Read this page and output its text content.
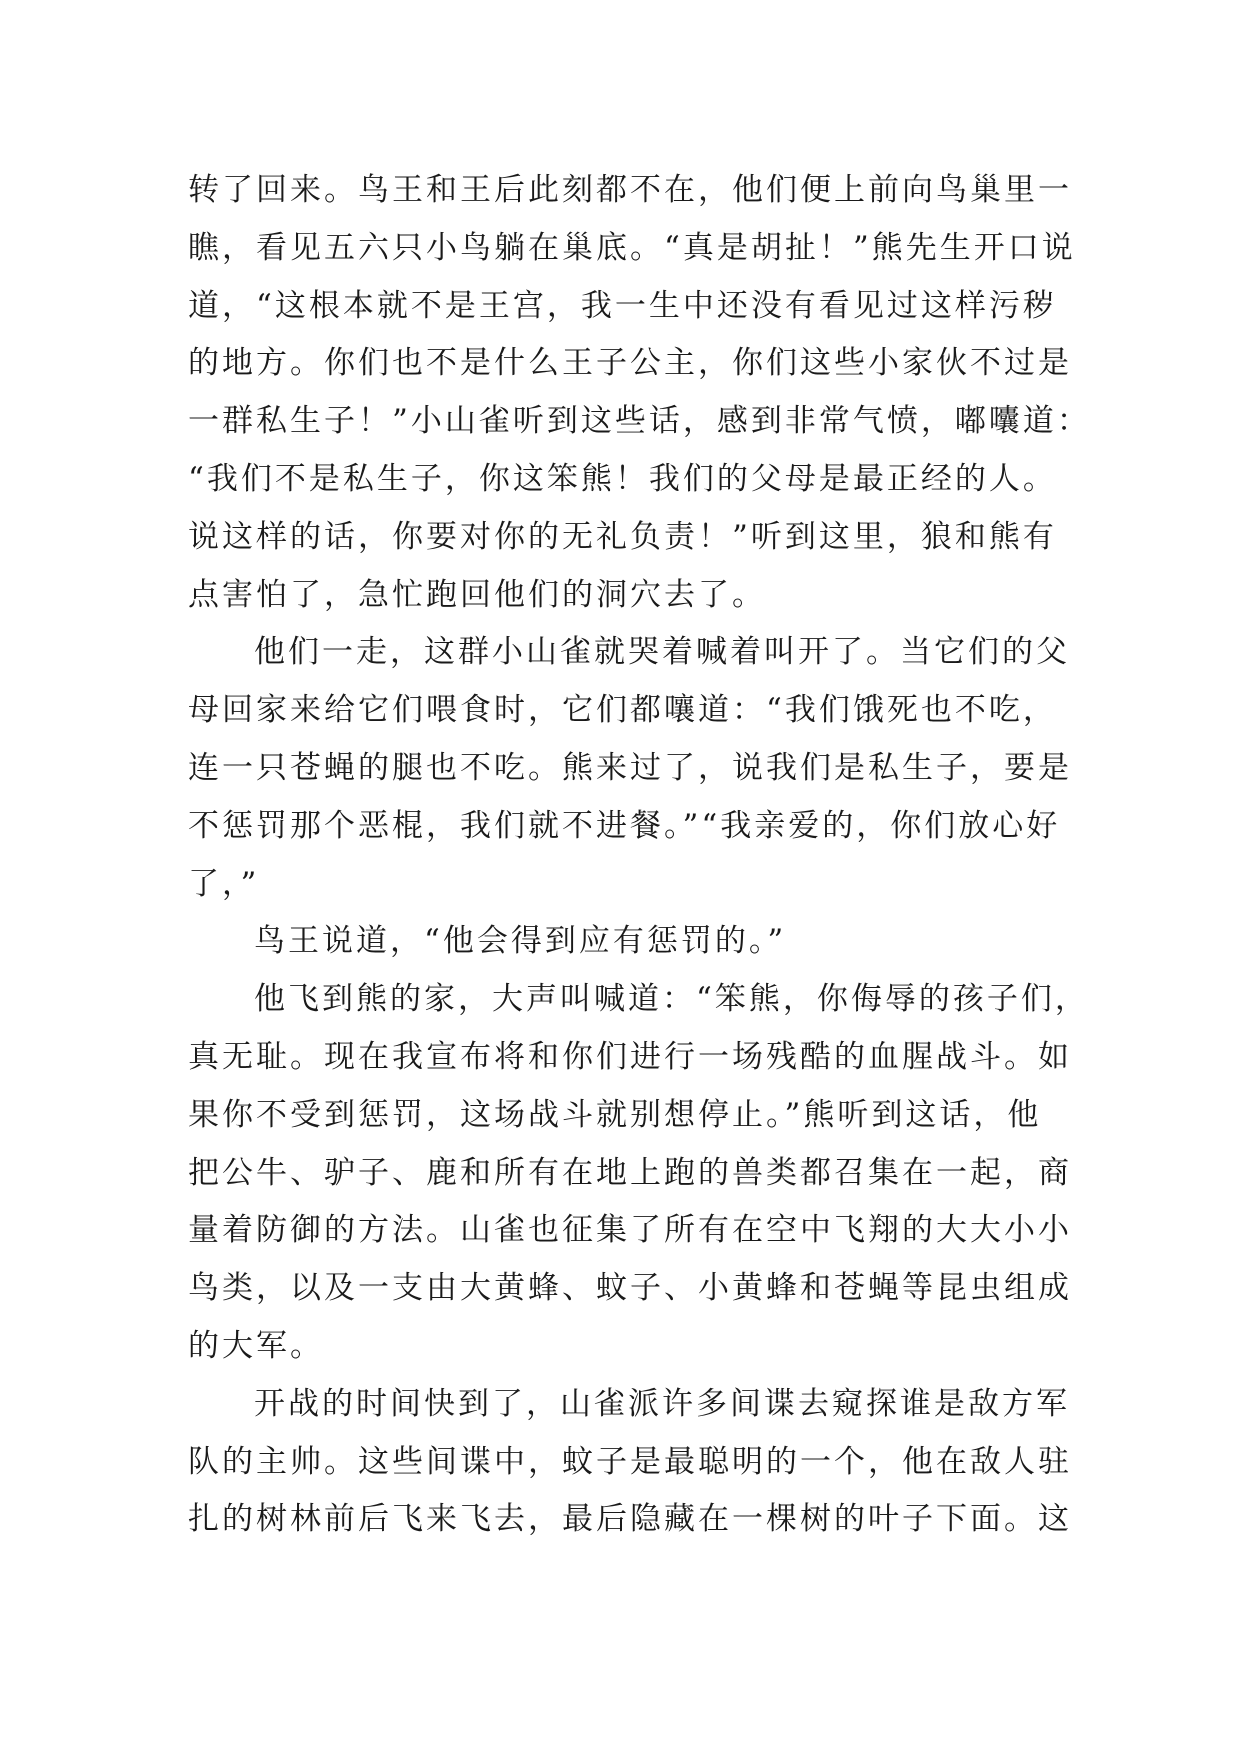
转了回来。鸟王和王后此刻都不在，他们便上前向鸟巢里一
瞧，看见五六只小鸟躺在巢底。“真是胡扯！”熊先生开口说
道，“这根本就不是王宫，我一生中还没有看见过这样污秽
的地方。你们也不是什么王子公主，你们这些小家伙不过是
一群私生子！”小山雀听到这些话，感到非常气愤，嘟囔道：
“我们不是私生子，你这笨熊！我们的父母是最正经的人。
说这样的话，你要对你的无礼负责！”听到这里，狼和熊有
点害怕了，急忙跑回他们的洞穴去了。
他们一走，这群小山雀就哭着喊着叫开了。当它们的父
母回家来给它们喂食时，它们都嚷道：“我们饿死也不吃，
连一只苍蝇的腿也不吃。熊来过了，说我们是私生子，要是
不惩罚那个恶棍，我们就不进餐。”“我亲爱的，你们放心好
了，”
鸟王说道，“他会得到应有惩罚的。”
他飞到熊的家，大声叫喊道：“笨熊，你侮辱的孩子们，
真无耻。现在我宣布将和你们进行一场残酷的血腥战斗。如
果你不受到惩罚，这场战斗就别想停止。”熊听到这话，他
把公牛、驴子、鹿和所有在地上跑的兽类都召集在一起，商
量着防御的方法。山雀也征集了所有在空中飞翔的大大小小
鸟类，以及一支由大黄蜂、蚊子、小黄蜂和苍蝇等昆虫组成
的大军。
开战的时间快到了，山雀派许多间谍去窥探谁是敌方军
队的主帅。这些间谍中，蚊子是最聪明的一个，他在敌人驻
扎的树林前后飞来飞去，最后隐藏在一棵树的叶子下面。这
